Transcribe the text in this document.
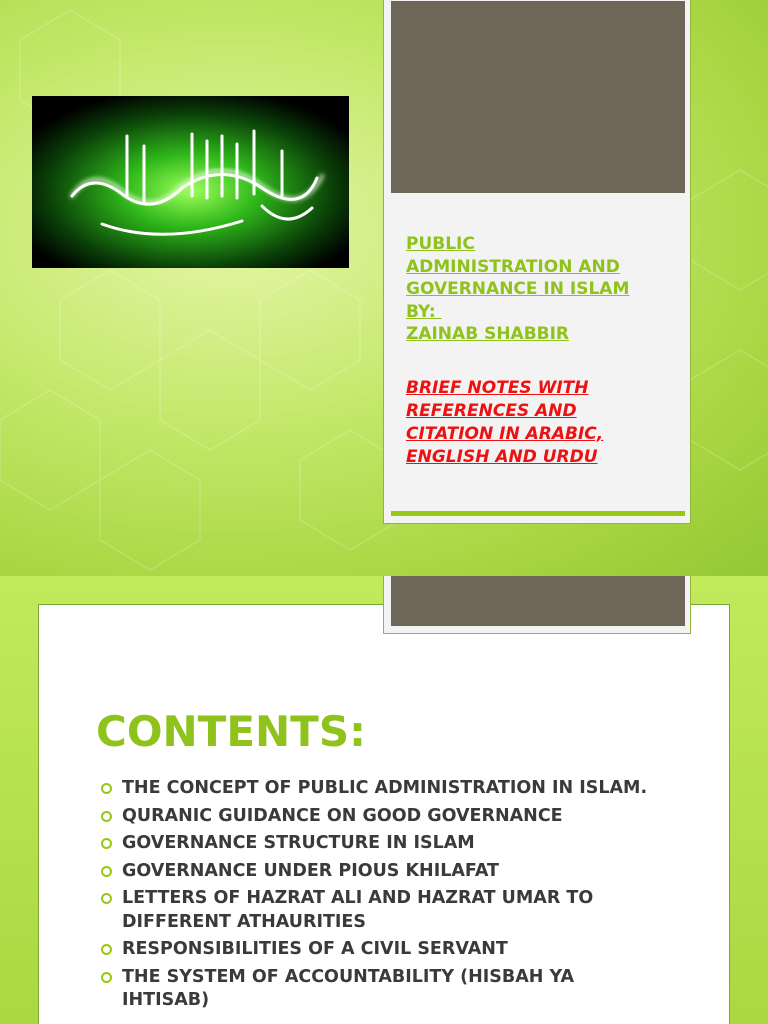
PUBLIC

ADMINISTRATION AND

GOVERNANCE IN ISLAM

BY:

ZAINAB SHABBIR

BRIEF NOTES WITH
REFERENCES AND
CITATION IN ARABIC,
ENGLISH AND URDU
CONTENTS:
THE CONCEPT OF PUBLIC ADMINISTRATION IN ISLAM.
QURANIC GUIDANCE ON GOOD GOVERNANCE
GOVERNANCE STRUCTURE IN ISLAM
GOVERNANCE UNDER PIOUS KHILAFAT
LETTERS OF HAZRAT ALI AND HAZRAT UMAR TO DIFFERENT ATHAURITIES
RESPONSIBILITIES OF A CIVIL SERVANT
THE SYSTEM OF ACCOUNTABILITY (HISBAH YA IHTISAB)
